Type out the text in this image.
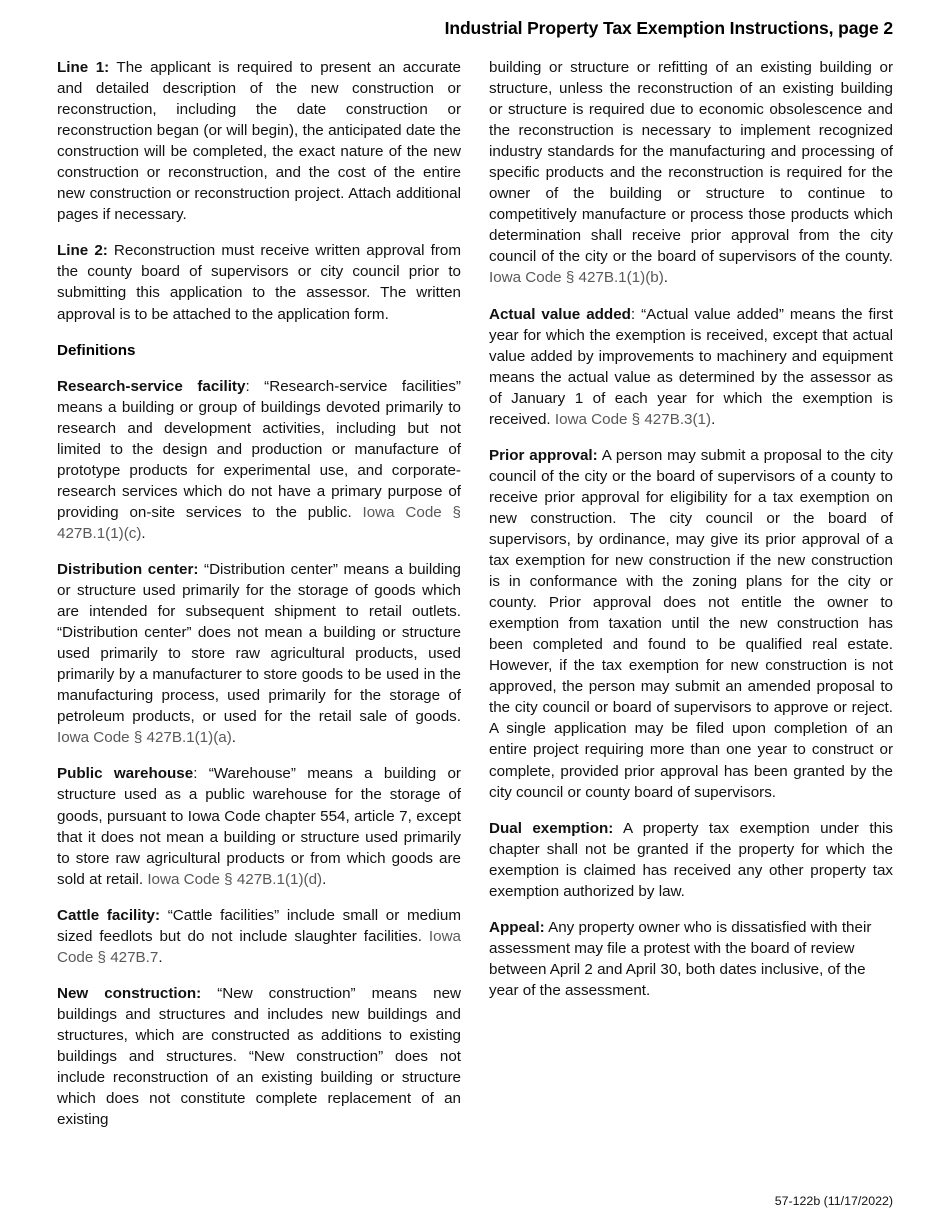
Industrial Property Tax Exemption Instructions, page 2

Line 1: The applicant is required to present an accurate and detailed description of the new construction or reconstruction, including the date construction or reconstruction began (or will begin), the anticipated date the construction will be completed, the exact nature of the new construction or reconstruction, and the cost of the entire new construction or reconstruction project. Attach additional pages if necessary.

Line 2: Reconstruction must receive written approval from the county board of supervisors or city council prior to submitting this application to the assessor. The written approval is to be attached to the application form.

Definitions

Research-service facility: “Research-service facilities” means a building or group of buildings devoted primarily to research and development activities, including but not limited to the design and production or manufacture of prototype products for experimental use, and corporate-research services which do not have a primary purpose of providing on-site services to the public. Iowa Code § 427B.1(1)(c).

Distribution center: “Distribution center” means a building or structure used primarily for the storage of goods which are intended for subsequent shipment to retail outlets. “Distribution center” does not mean a building or structure used primarily to store raw agricultural products, used primarily by a manufacturer to store goods to be used in the manufacturing process, used primarily for the storage of petroleum products, or used for the retail sale of goods. Iowa Code § 427B.1(1)(a).

Public warehouse: “Warehouse” means a building or structure used as a public warehouse for the storage of goods, pursuant to Iowa Code chapter 554, article 7, except that it does not mean a building or structure used primarily to store raw agricultural products or from which goods are sold at retail. Iowa Code § 427B.1(1)(d).

Cattle facility: “Cattle facilities” include small or medium sized feedlots but do not include slaughter facilities. Iowa Code § 427B.7.

New construction: “New construction” means new buildings and structures and includes new buildings and structures, which are constructed as additions to existing buildings and structures. “New construction” does not include reconstruction of an existing building or structure which does not constitute complete replacement of an existing

building or structure or refitting of an existing building or structure, unless the reconstruction of an existing building or structure is required due to economic obsolescence and the reconstruction is necessary to implement recognized industry standards for the manufacturing and processing of specific products and the reconstruction is required for the owner of the building or structure to continue to competitively manufacture or process those products which determination shall receive prior approval from the city council of the city or the board of supervisors of the county. Iowa Code § 427B.1(1)(b).

Actual value added: “Actual value added” means the first year for which the exemption is received, except that actual value added by improvements to machinery and equipment means the actual value as determined by the assessor as of January 1 of each year for which the exemption is received. Iowa Code § 427B.3(1).

Prior approval: A person may submit a proposal to the city council of the city or the board of supervisors of a county to receive prior approval for eligibility for a tax exemption on new construction. The city council or the board of supervisors, by ordinance, may give its prior approval of a tax exemption for new construction if the new construction is in conformance with the zoning plans for the city or county. Prior approval does not entitle the owner to exemption from taxation until the new construction has been completed and found to be qualified real estate. However, if the tax exemption for new construction is not approved, the person may submit an amended proposal to the city council or board of supervisors to approve or reject. A single application may be filed upon completion of an entire project requiring more than one year to construct or complete, provided prior approval has been granted by the city council or county board of supervisors.

Dual exemption: A property tax exemption under this chapter shall not be granted if the property for which the exemption is claimed has received any other property tax exemption authorized by law.

Appeal: Any property owner who is dissatisfied with their assessment may file a protest with the board of review between April 2 and April 30, both dates inclusive, of the year of the assessment.

57-122b (11/17/2022)
